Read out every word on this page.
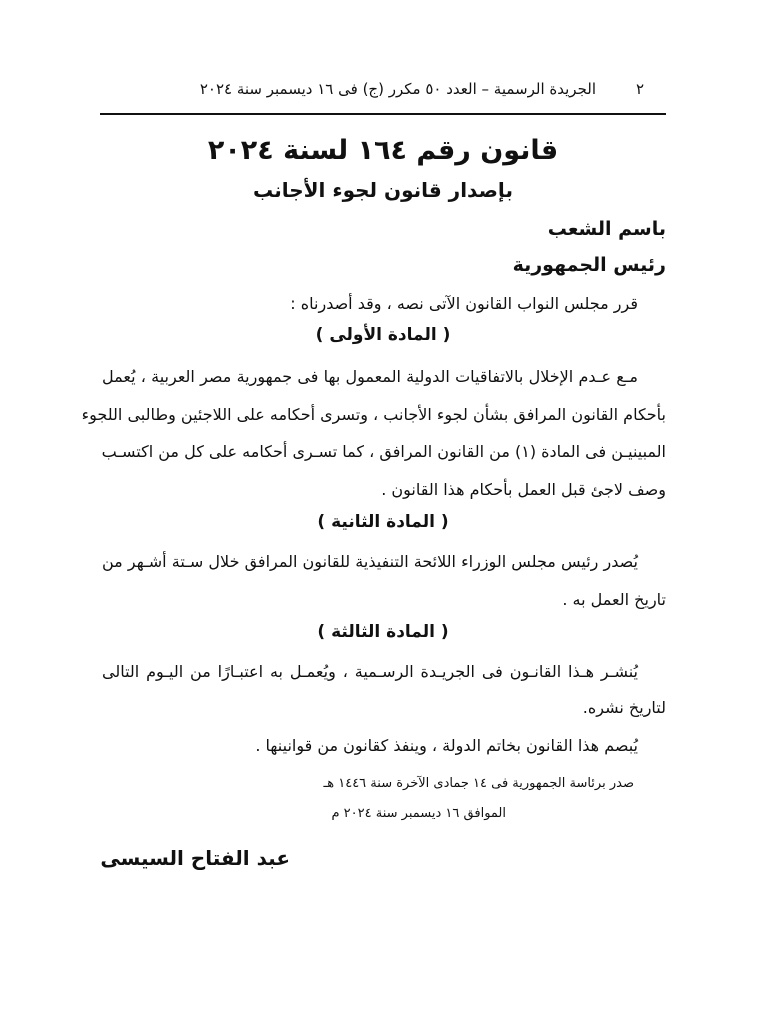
٢
الجريدة الرسمية – العدد ٥٠ مكرر (ج) فى ١٦ ديسمبر سنة ٢٠٢٤
قانون رقم ١٦٤ لسنة ٢٠٢٤
بإصدار قانون لجوء الأجانب
باسم الشعب
رئيس الجمهورية
قرر مجلس النواب القانون الآتى نصه ، وقد أصدرناه :
( المادة الأولى )
مـع عـدم الإخلال بالاتفاقيات الدولية المعمول بها فى جمهورية مصر العربية ، يُعمل
بأحكام القانون المرافق بشأن لجوء الأجانب ، وتسرى أحكامه على اللاجئين وطالبى اللجوء
المبينيـن فى المادة (١) من القانون المرافق ، كما تسـرى أحكامه على كل من اكتسـب
وصف لاجئ قبل العمل بأحكام هذا القانون .
( المادة الثانية )
يُصدر رئيس مجلس الوزراء اللائحة التنفيذية للقانون المرافق خلال سـتة أشـهر من
تاريخ العمل به .
( المادة الثالثة )
يُنشـر هـذا القانـون فى الجريـدة الرسـمية ، ويُعمـل به اعتبـارًا من اليـوم التالى
لتاريخ نشره.
يُبصم هذا القانون بخاتم الدولة ، وينفذ كقانون من قوانينها .
صدر برئاسة الجمهورية فى ١٤ جمادى الآخرة سنة ١٤٤٦ هـ
الموافق ١٦ ديسمبر سنة ٢٠٢٤ م
عبد الفتاح السيسى
